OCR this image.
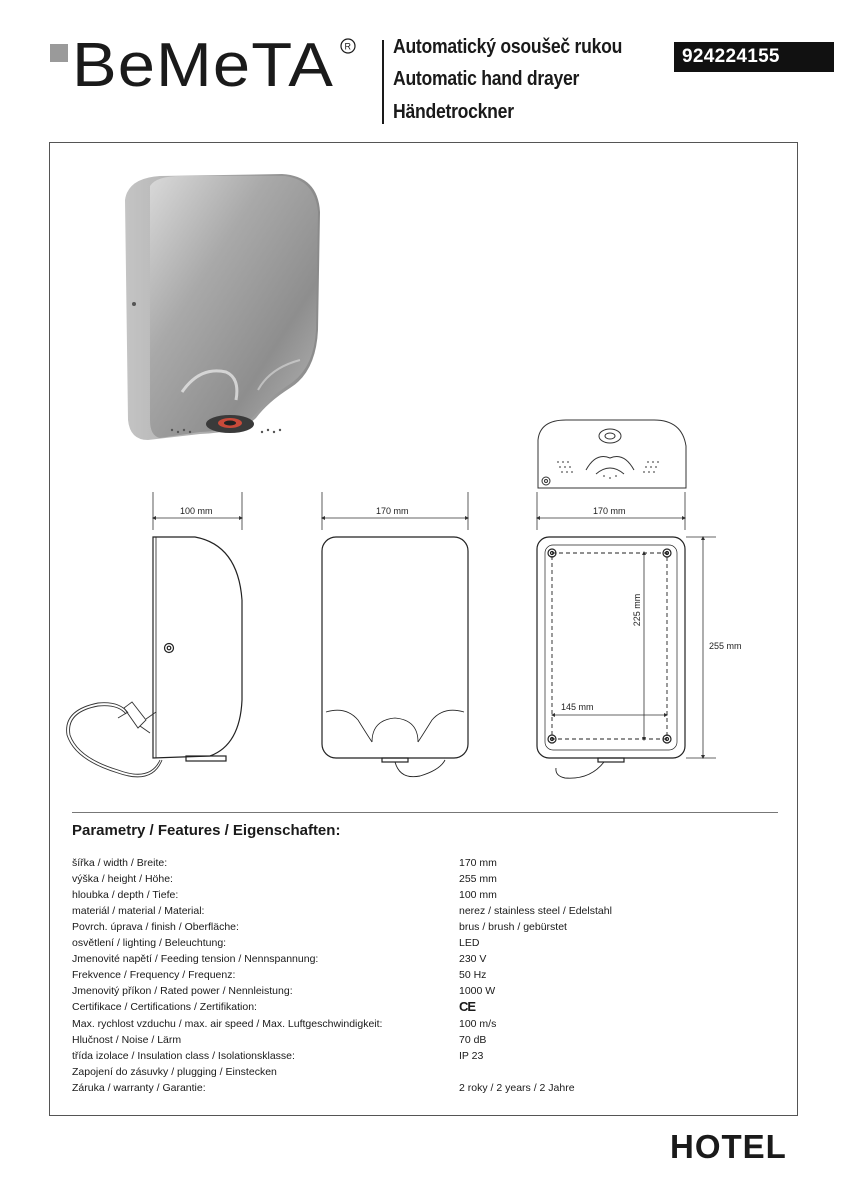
BeMeTA R Automatický osoušeč rukou
Automatic hand drayer
Händetrockner
924224155
100 mm	170 mm	170 mm
255 mm
225 mm
145 mm
Parametry / Features / Eigenschaften:
šířka / width / Breite:	170 mm
výška / height / Höhe:	255 mm
hloubka / depth / Tiefe:	100 mm
materiál / material / Material:	nerez / stainless steel / Edelstahl
Povrch. úprava / finish / Oberfläche:	brus / brush / gebürstet
osvětlení / lighting / Beleuchtung:	LED
Jmenovité napětí / Feeding tension / Nennspannung:	230 V
Frekvence / Frequency / Frequenz:	50 Hz
Jmenovitý příkon / Rated power / Nennleistung:	1000 W
Certifikace / Certifications / Zertifikation:	CE
Max. rychlost vzduchu / max. air speed / Max. Luftgeschwindigkeit:	100 m/s
Hlučnost / Noise / Lärm	70 dB
třída izolace / Insulation class / Isolationsklasse:	IP 23
Zapojení do zásuvky / plugging / Einstecken
Záruka / warranty / Garantie:	2 roky / 2 years / 2 Jahre
HOTEL
